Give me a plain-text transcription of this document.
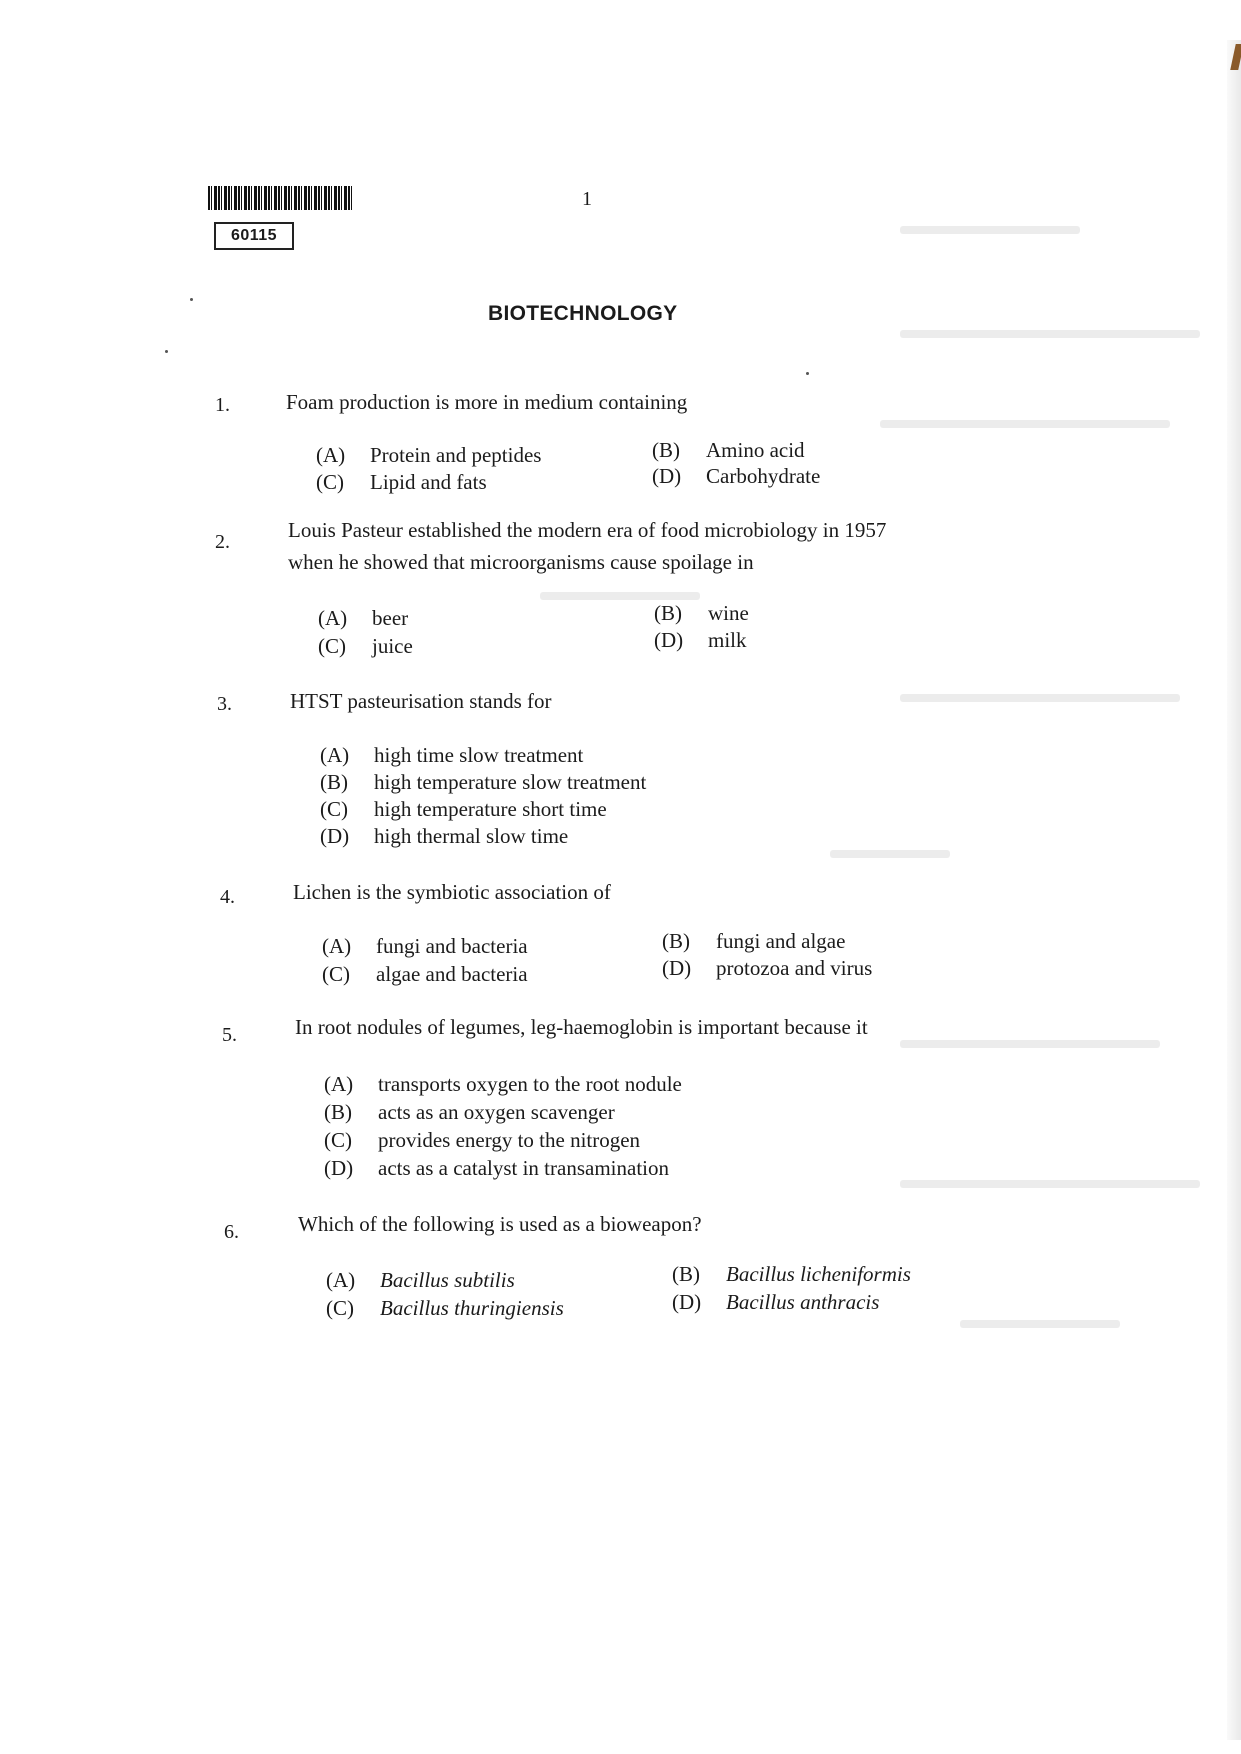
60115
1
BIOTECHNOLOGY
1.	Foam production is more in medium containing
(A) Protein and peptides	(B) Amino acid
(C) Lipid and fats	(D) Carbohydrate
2.	Louis Pasteur established the modern era of food microbiology in 1957
when he showed that microorganisms cause spoilage in
(A) beer	(B) wine
(C) juice	(D) milk
3.	HTST pasteurisation stands for
(A) high time slow treatment
(B) high temperature slow treatment
(C) high temperature short time
(D) high thermal slow time
4.	Lichen is the symbiotic association of
(A) fungi and bacteria	(B) fungi and algae
(C) algae and bacteria	(D) protozoa and virus
5.	In root nodules of legumes, leg-haemoglobin is important because it
(A) transports oxygen to the root nodule
(B) acts as an oxygen scavenger
(C) provides energy to the nitrogen
(D) acts as a catalyst in transamination
6.	Which of the following is used as a bioweapon?
(A) Bacillus subtilis	(B) Bacillus licheniformis
(C) Bacillus thuringiensis	(D) Bacillus anthracis
